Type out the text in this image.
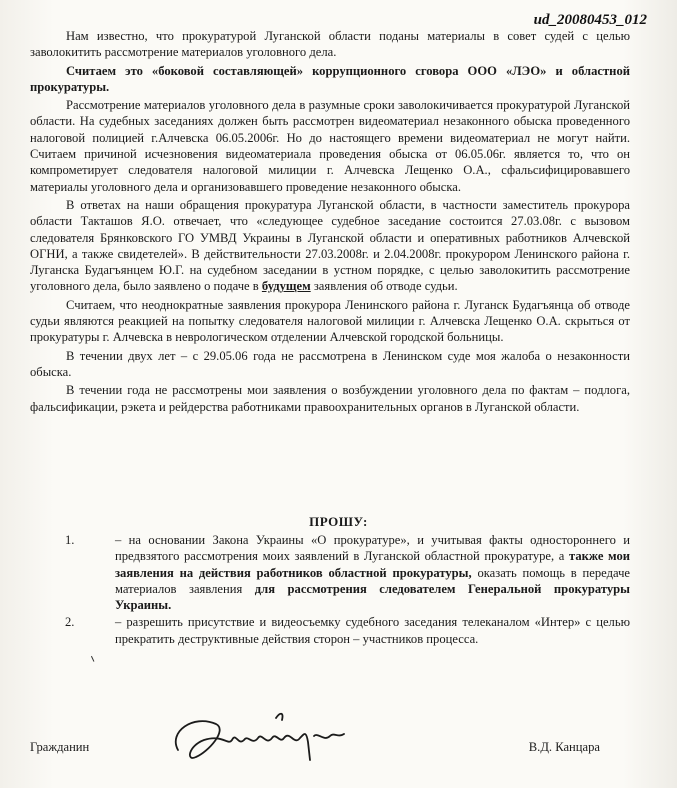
ud_20080453_012

Нам известно, что прокуратурой Луганской области поданы материалы в совет судей с целью заволокитить рассмотрение материалов уголовного дела.

Считаем это «боковой составляющей» коррупционного сговора ООО «ЛЭО» и областной прокуратуры.

Рассмотрение материалов уголовного дела в разумные сроки заволокичивается прокуратурой Луганской области. На судебных заседаниях должен быть рассмотрен видеоматериал незаконного обыска проведенного налоговой полицией г.Алчевска 06.05.2006г. Но до настоящего времени видеоматериал не могут найти. Считаем причиной исчезновения видеоматериала проведения обыска от 06.05.06г. является то, что он компрометирует следователя налоговой милиции г. Алчевска Лещенко О.А., сфальсифицировавшего материалы уголовного дела и организовавшего проведение незаконного обыска.

В ответах на наши обращения прокуратура Луганской области, в частности заместитель прокурора области Такташов Я.О. отвечает, что «следующее судебное заседание состоится 27.03.08г. с вызовом следователя Брянковского ГО УМВД Украины в Луганской области и оперативных работников Алчевской ОГНИ, а также свидетелей». В действительности 27.03.2008г. и 2.04.2008г. прокурором Ленинского района г. Луганска Будагъянцем Ю.Г. на судебном заседании в устном порядке, с целью заволокитить рассмотрение уголовного дела, было заявлено о подаче в будущем заявления об отводе судьи.

Считаем, что неоднократные заявления прокурора Ленинского района г. Луганск Будагъянца об отводе судьи являются реакцией на попытку следователя налоговой милиции г. Алчевска Лещенко О.А. скрыться от прокуратуры г. Алчевска в неврологическом отделении Алчевской городской больницы.

В течении двух лет – с 29.05.06 года не рассмотрена в Ленинском суде моя жалоба о незаконности обыска.

В течении года не рассмотрены мои заявления о возбуждении уголовного дела по фактам – подлога, фальсификации, рэкета и рейдерства работниками правоохранительных органов в Луганской области.

ПРОШУ:
1.	– на основании Закона Украины «О прокуратуре», и учитывая факты одностороннего и предвзятого рассмотрения моих заявлений в Луганской областной прокуратуре, а также мои заявления на действия работников областной прокуратуры, оказать помощь в передаче материалов заявления для рассмотрения следователем Генеральной прокуратуры Украины.
2.	– разрешить присутствие и видеосъемку судебного заседания телеканалом «Интер» с целью прекратить деструктивные действия сторон – участников процесса.
Гражданин	В.Д. Канцара
